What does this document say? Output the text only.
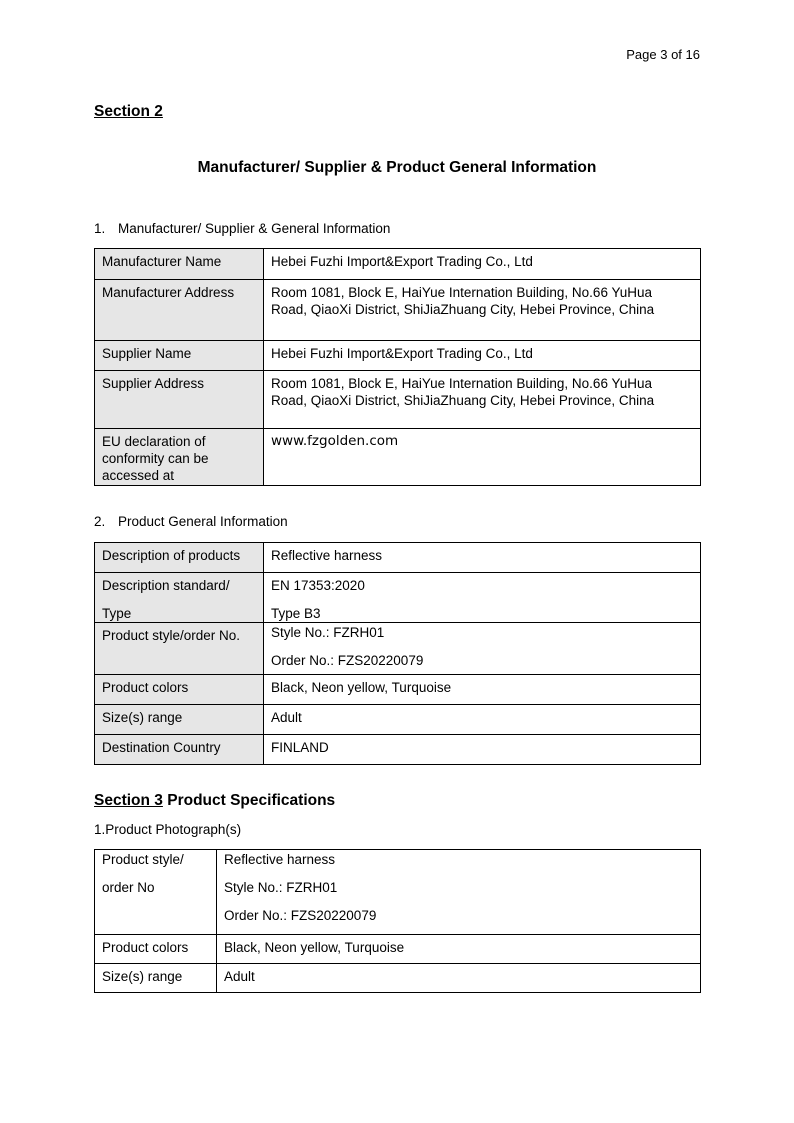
Page 3 of 16
Section 2
Manufacturer/ Supplier & Product General Information
1. Manufacturer/ Supplier & General Information
Manufacturer Name	Hebei Fuzhi Import&Export Trading Co., Ltd
Manufacturer Address	Room 1081, Block E, HaiYue Internation Building, No.66 YuHua
Road, QiaoXi District, ShiJiaZhuang City, Hebei Province, China

Supplier Name	Hebei Fuzhi Import&Export Trading Co., Ltd
Supplier Address	Room 1081, Block E, HaiYue Internation Building, No.66 YuHua
Road, QiaoXi District, ShiJiaZhuang City, Hebei Province, China

EU declaration of
conformity can be
accessed at	www.fzgolden.com
2. Product General Information
Description of products	Reflective harness

Description standard/
Type	EN 17353:2020
Type B3

Product style/order No.	Style No.: FZRH01
Order No.: FZS20220079

Product colors	Black, Neon yellow, Turquoise
Size(s) range	Adult
Destination Country	FINLAND
Section 3 Product Specifications
1.Product Photograph(s)
Product style/
order No	Reflective harness
Style No.: FZRH01
Order No.: FZS20220079

Product colors	Black, Neon yellow, Turquoise
Size(s) range	Adult
